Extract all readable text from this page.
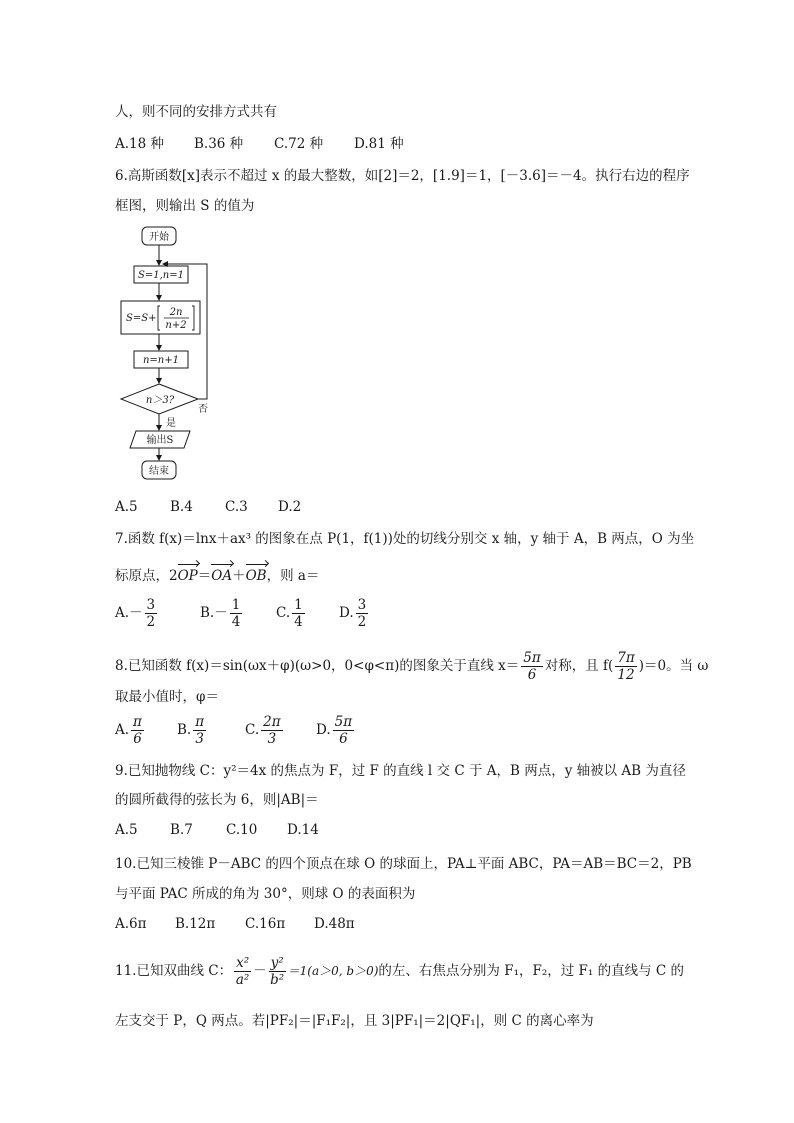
人，则不同的安排方式共有
A.18 种 B.36 种 C.72 种 D.81 种
6.高斯函数[x]表示不超过 x 的最大整数，如[2]＝2，[1.9]＝1，[－3.6]＝－4。执行右边的程序
框图，则输出 S 的值为
开始
S=1,n=1
S=S+
2n
n+2
n=n+1
n＞3?
否
是
输出S
结束
A.5 B.4 C.3 D.2
7.函数 f(x)＝lnx＋ax³ 的图象在点 P(1，f(1))处的切线分别交 x 轴，y 轴于 A，B 两点，O 为坐
标原点，2OP＝OA＋OB，则 a＝
$A.- \frac{3}{2}$	$B.- \frac{1}{4} C$. $\frac{1}{4}$	D. $\frac{3}{2}$
8.已知函数 f(x)＝sin(ωx＋φ)(ω>0，0<φ<π)的图象关于直线 $x= \frac{5\pi}{6}$ 对称，且 $f( \frac{7\pi}{12} )=0$。当 ω
取最小值时，φ＝
A. $\frac{\pi}{6} B$. $\frac{\pi}{3}$	C. $\frac{2\pi}{3} D$. $\frac{5\pi}{6}$
9.已知抛物线 C：y²＝4x 的焦点为 F，过 F 的直线 l 交 C 于 A，B 两点，y 轴被以 AB 为直径
的圆所截得的弦长为 6，则|AB|＝
A.5 B.7 C.10 D.14
10.已知三棱锥 P－ABC 的四个顶点在球 O 的球面上，PA⊥平面 ABC，PA＝AB＝BC＝2，PB
与平面 PAC 所成的角为 30°，则球 O 的表面积为
A.6π B.12π C.16π D.48π
11.已知双曲线 C： $\frac{\text{x²}}{\text{a²}} - \frac{\text{y²}}{\text{b²}} =1(a>0$, b＞0)的左、右焦点分别为 F₁，F₂，过 F₁ 的直线与 C 的
左支交于 P，Q 两点。若|PF₂|＝|F₁F₂|，且 3|PF₁|＝2|QF₁|，则 C 的离心率为
